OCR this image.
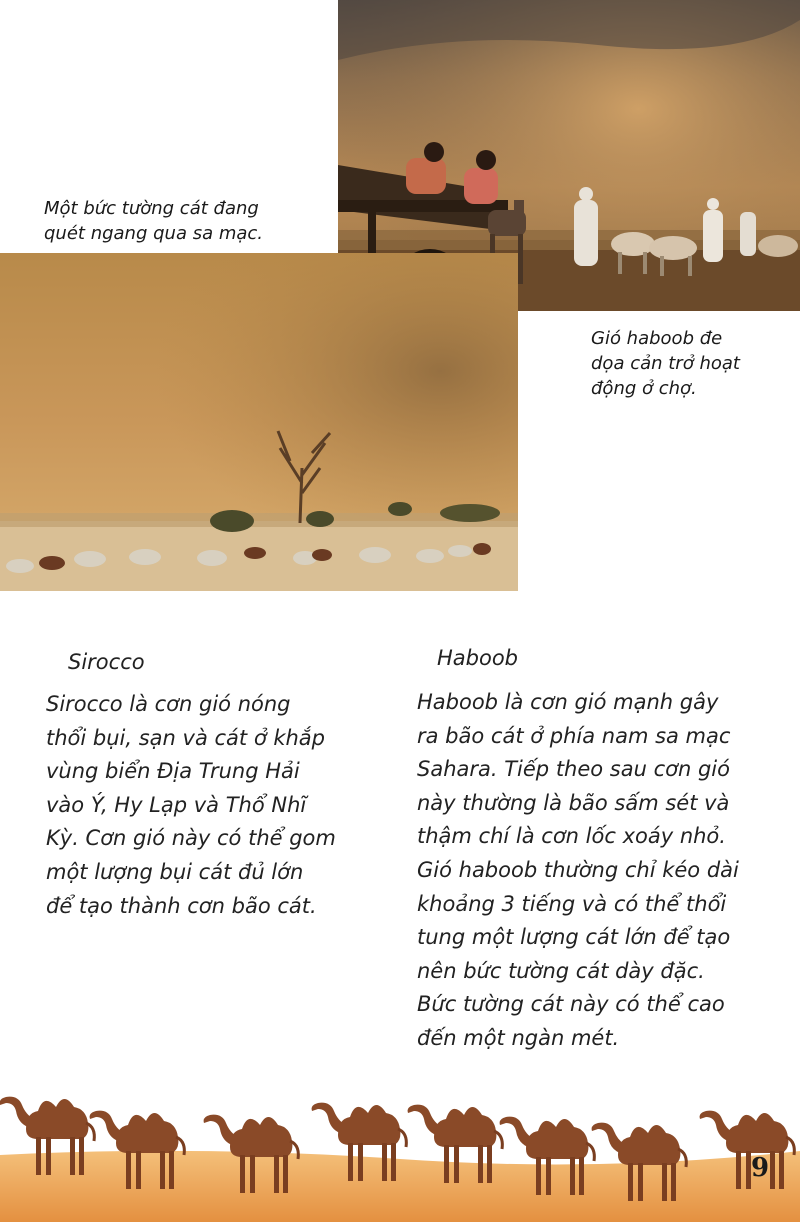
Một bức tường cát đang
quét ngang qua sa mạc.
Gió haboob đe
dọa cản trở hoạt
động ở chợ.
Sirocco
Sirocco là cơn gió nóng
thổi bụi, sạn và cát ở khắp
vùng biển Địa Trung Hải
vào Ý, Hy Lạp và Thổ Nhĩ
Kỳ. Cơn gió này có thể gom
một lượng bụi cát đủ lớn
để tạo thành cơn bão cát.
Haboob
Haboob là cơn gió mạnh gây
ra bão cát ở phía nam sa mạc
Sahara. Tiếp theo sau cơn gió
này thường là bão sấm sét và
thậm chí là cơn lốc xoáy nhỏ.
Gió haboob thường chỉ kéo dài
khoảng 3 tiếng và có thể thổi
tung một lượng cát lớn để tạo
nên bức tường cát dày đặc.
Bức tường cát này có thể cao
đến một ngàn mét.
9
